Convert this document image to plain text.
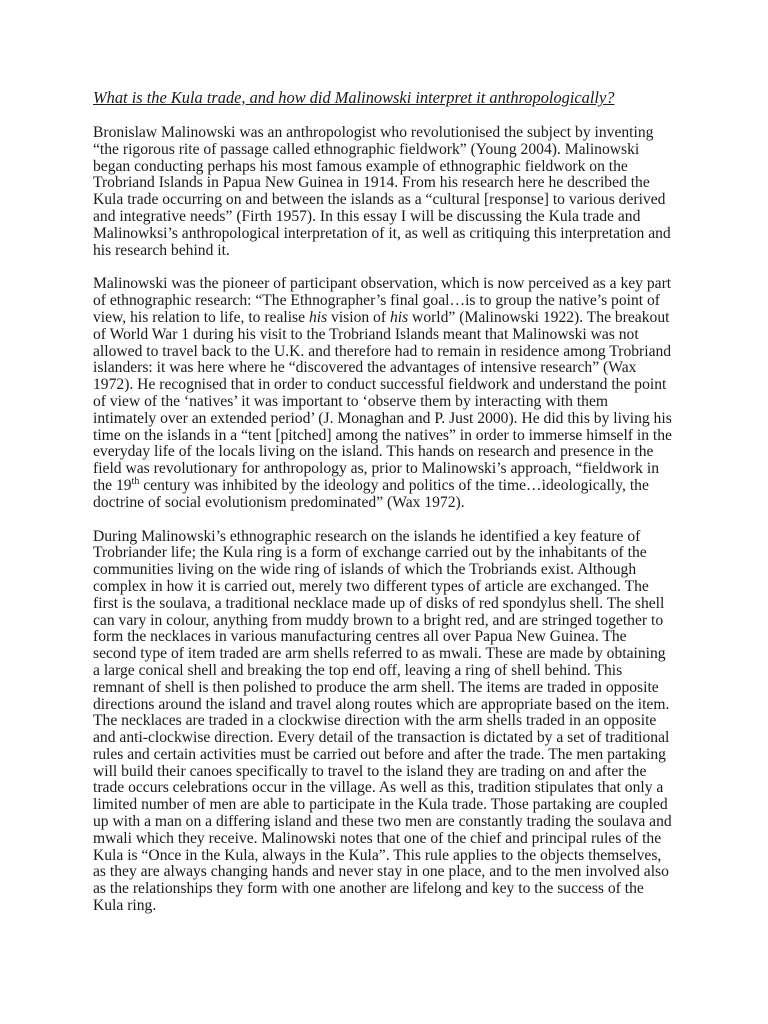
What is the Kula trade, and how did Malinowski interpret it anthropologically?

Bronislaw Malinowski was an anthropologist who revolutionised the subject by inventing “the rigorous rite of passage called ethnographic fieldwork” (Young 2004). Malinowski began conducting perhaps his most famous example of ethnographic fieldwork on the Trobriand Islands in Papua New Guinea in 1914. From his research here he described the Kula trade occurring on and between the islands as a “cultural [response] to various derived and integrative needs” (Firth 1957). In this essay I will be discussing the Kula trade and Malinowksi’s anthropological interpretation of it, as well as critiquing this interpretation and his research behind it.

Malinowski was the pioneer of participant observation, which is now perceived as a key part of ethnographic research: “The Ethnographer’s final goal…is to group the native’s point of view, his relation to life, to realise his vision of his world” (Malinowski 1922). The breakout of World War 1 during his visit to the Trobriand Islands meant that Malinowski was not allowed to travel back to the U.K. and therefore had to remain in residence among Trobriand islanders: it was here where he “discovered the advantages of intensive research” (Wax 1972). He recognised that in order to conduct successful fieldwork and understand the point of view of the ‘natives’ it was important to ‘observe them by interacting with them intimately over an extended period’ (J. Monaghan and P. Just 2000). He did this by living his time on the islands in a “tent [pitched] among the natives” in order to immerse himself in the everyday life of the locals living on the island. This hands on research and presence in the field was revolutionary for anthropology as, prior to Malinowski’s approach, “fieldwork in the 19th century was inhibited by the ideology and politics of the time…ideologically, the doctrine of social evolutionism predominated” (Wax 1972).

During Malinowski’s ethnographic research on the islands he identified a key feature of Trobriander life; the Kula ring is a form of exchange carried out by the inhabitants of the communities living on the wide ring of islands of which the Trobriands exist. Although complex in how it is carried out, merely two different types of article are exchanged. The first is the soulava, a traditional necklace made up of disks of red spondylus shell. The shell can vary in colour, anything from muddy brown to a bright red, and are stringed together to form the necklaces in various manufacturing centres all over Papua New Guinea. The second type of item traded are arm shells referred to as mwali. These are made by obtaining a large conical shell and breaking the top end off, leaving a ring of shell behind. This remnant of shell is then polished to produce the arm shell. The items are traded in opposite directions around the island and travel along routes which are appropriate based on the item. The necklaces are traded in a clockwise direction with the arm shells traded in an opposite and anti-clockwise direction. Every detail of the transaction is dictated by a set of traditional rules and certain activities must be carried out before and after the trade. The men partaking will build their canoes specifically to travel to the island they are trading on and after the trade occurs celebrations occur in the village. As well as this, tradition stipulates that only a limited number of men are able to participate in the Kula trade. Those partaking are coupled up with a man on a differing island and these two men are constantly trading the soulava and mwali which they receive. Malinowski notes that one of the chief and principal rules of the Kula is “Once in the Kula, always in the Kula”. This rule applies to the objects themselves, as they are always changing hands and never stay in one place, and to the men involved also as the relationships they form with one another are lifelong and key to the success of the Kula ring.
